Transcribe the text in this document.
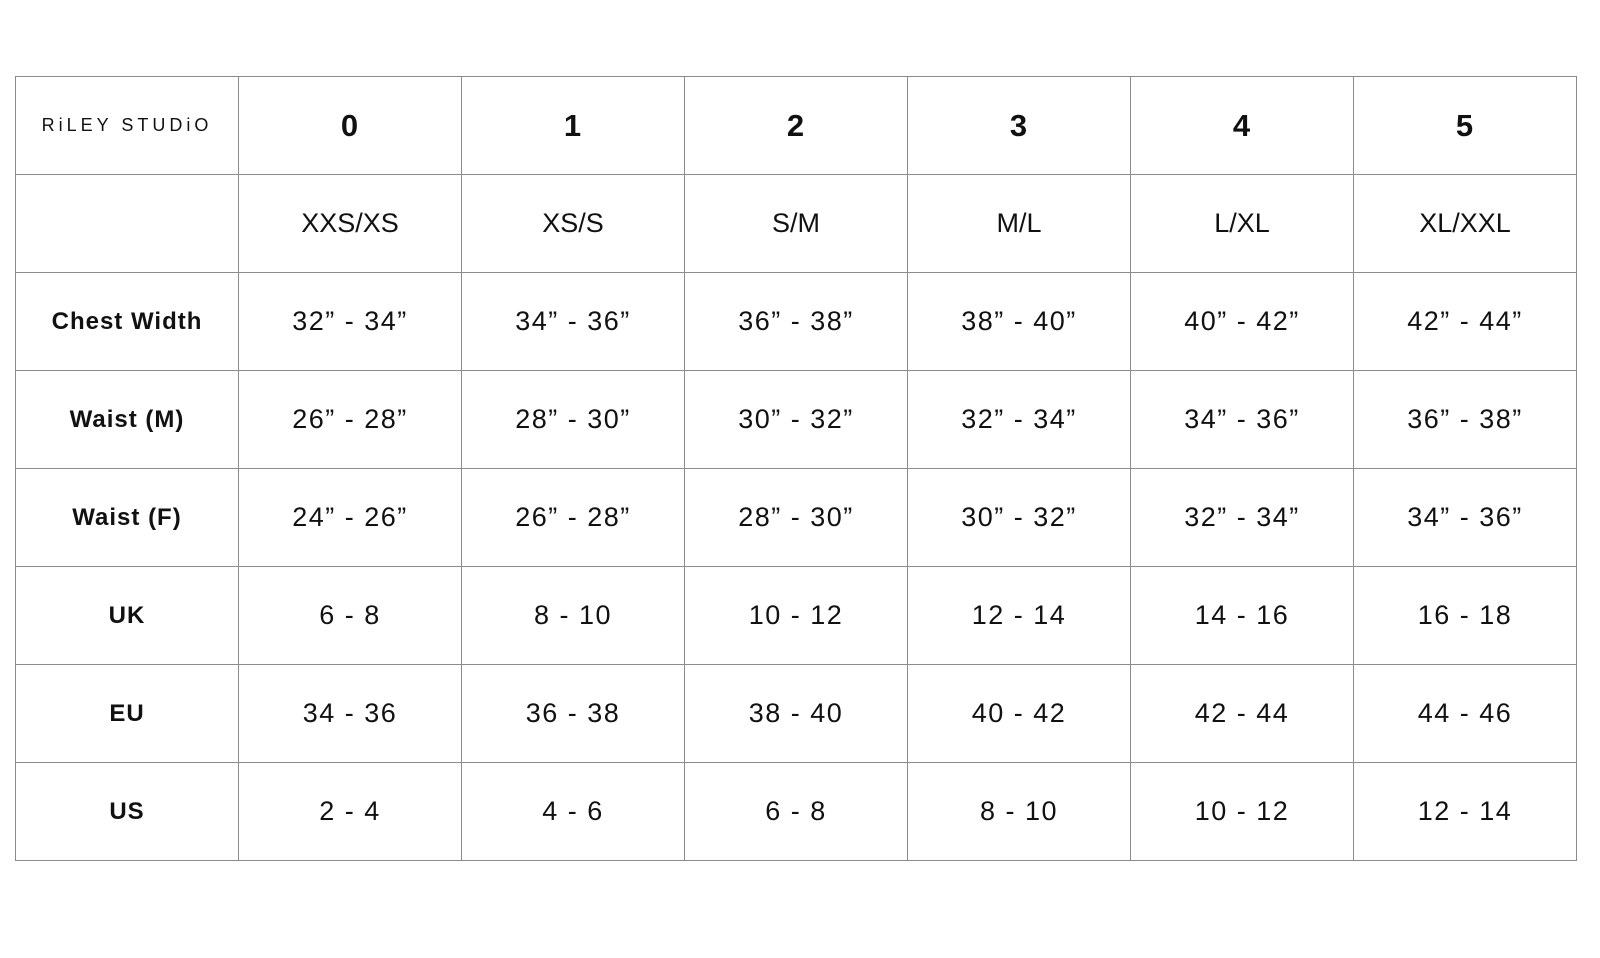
RiLEY STUDiO	0	1	2	3	4	5
	XXS/XS	XS/S	S/M	M/L	L/XL	XL/XXL
Chest Width	32” - 34”	34” - 36”	36” - 38”	38” - 40”	40” - 42”	42” - 44”
Waist (M)	26” - 28”	28” - 30”	30” - 32”	32” - 34”	34” - 36”	36” - 38”
Waist (F)	24” - 26”	26” - 28”	28” - 30”	30” - 32”	32” - 34”	34” - 36”
UK	6 - 8	8 - 10	10 - 12	12 - 14	14 - 16	16 - 18
EU	34 - 36	36 - 38	38 - 40	40 - 42	42 - 44	44 - 46
US	2 - 4	4 - 6	6 - 8	8 - 10	10 - 12	12 - 14
